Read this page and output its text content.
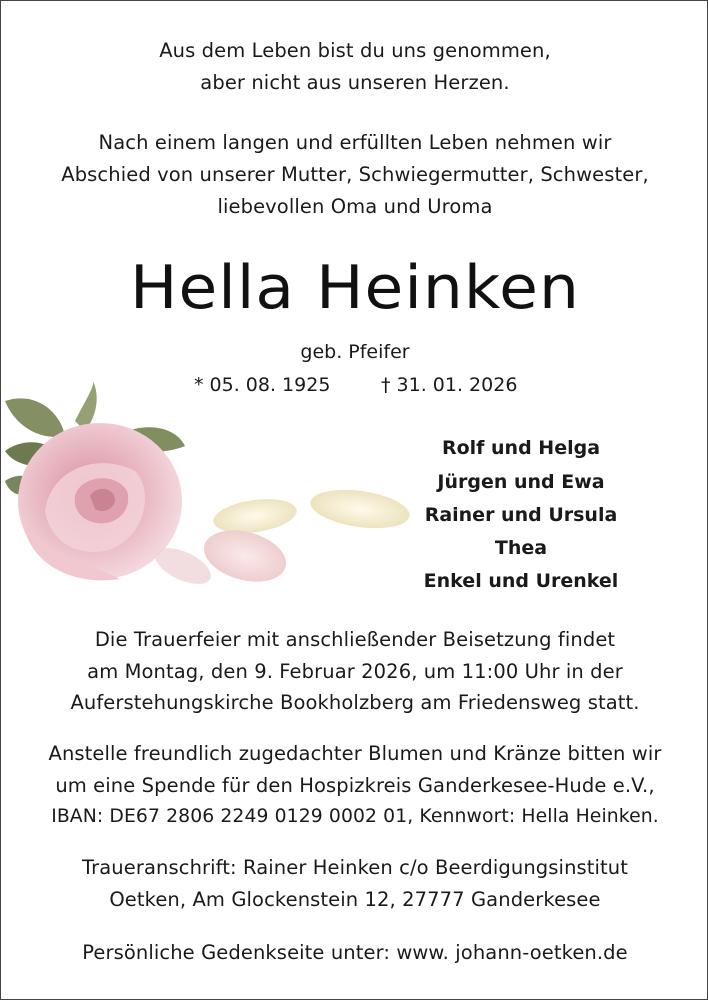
Aus dem Leben bist du uns genommen,
aber nicht aus unseren Herzen.
Nach einem langen und erfüllten Leben nehmen wir
Abschied von unserer Mutter, Schwiegermutter, Schwester,
liebevollen Oma und Uroma
Hella Heinken
geb. Pfeifer
* 05. 08. 1925	† 31. 01. 2026
Rolf und Helga
Jürgen und Ewa
Rainer und Ursula
Thea
Enkel und Urenkel
Die Trauerfeier mit anschließender Beisetzung findet
am Montag, den 9. Februar 2026, um 11:00 Uhr in der
Auferstehungskirche Bookholzberg am Friedensweg statt.
Anstelle freundlich zugedachter Blumen und Kränze bitten wir
um eine Spende für den Hospizkreis Ganderkesee-Hude e.V.,
IBAN: DE67 2806 2249 0129 0002 01, Kennwort: Hella Heinken.
Traueranschrift: Rainer Heinken c/o Beerdigungsinstitut
Oetken, Am Glockenstein 12, 27777 Ganderkesee
Persönliche Gedenkseite unter: www. johann-oetken.de
